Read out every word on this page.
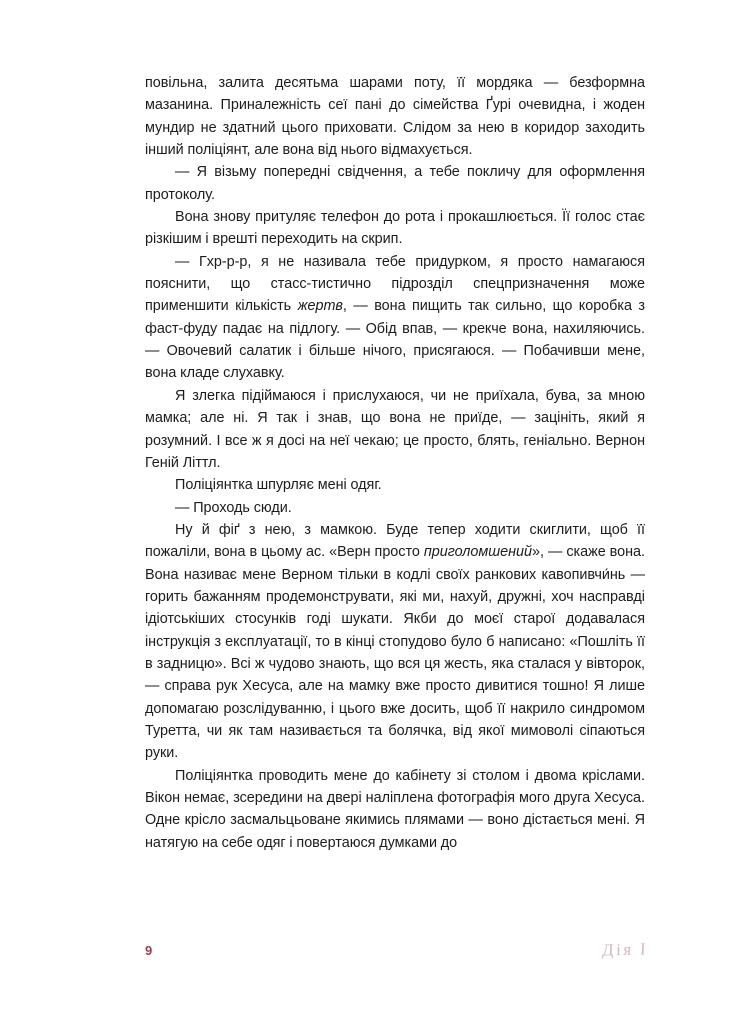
повільна, залита десятьма шарами поту, її мордяка — безформна мазанина. Приналежність сеї пані до сімейства Ґурі очевидна, і жоден мундир не здатний цього приховати. Слідом за нею в коридор заходить інший поліціянт, але вона від нього відмахується.

— Я візьму попередні свідчення, а тебе покличу для оформлення протоколу.

Вона знову притуляє телефон до рота і прокашлюється. Її голос стає різкішим і врешті переходить на скрип.

— Гхр-р-р, я не називала тебе придурком, я просто намагаюся пояснити, що стасс-тистично підрозділ спецпризначення може применшити кількість жертв, — вона пищить так сильно, що коробка з фаст-фуду падає на підлогу. — Обід впав, — крекче вона, нахиляючись. — Овочевий салатик і більше нічого, присягаюся. — Побачивши мене, вона кладе слухавку.

Я злегка підіймаюся і прислухаюся, чи не приїхала, бува, за мною мамка; але ні. Я так і знав, що вона не приїде, — зацініть, який я розумний. І все ж я досі на неї чекаю; це просто, блять, геніально. Вернон Геній Літтл.

Поліціянтка шпурляє мені одяг.

— Проходь сюди.

Ну й фіґ з нею, з мамкою. Буде тепер ходити скиглити, щоб її пожаліли, вона в цьому ас. «Верн просто приголомшений», — скаже вона. Вона називає мене Верном тільки в кодлі своїх ранкових кавопивчи́нь — горить бажанням продемонструвати, які ми, нахуй, дружні, хоч насправді ідіотськіших стосунків годі шукати. Якби до моєї старої додавалася інструкція з експлуатації, то в кінці стопудово було б написано: «Пошліть її в задницю». Всі ж чудово знають, що вся ця жесть, яка сталася у вівторок, — справа рук Хесуса, але на мамку вже просто дивитися тошно! Я лише допомагаю розслідуванню, і цього вже досить, щоб її накрило синдромом Туретта, чи як там називається та болячка, від якої мимоволі сіпаються руки.

Поліціянтка проводить мене до кабінету зі столом і двома кріслами. Вікон немає, зсередини на двері наліплена фотографія мого друга Хесуса. Одне крісло засмальцьоване якимись плямами — воно дістається мені. Я натягую на себе одяг і повертаюся думками до

9	Дія I
